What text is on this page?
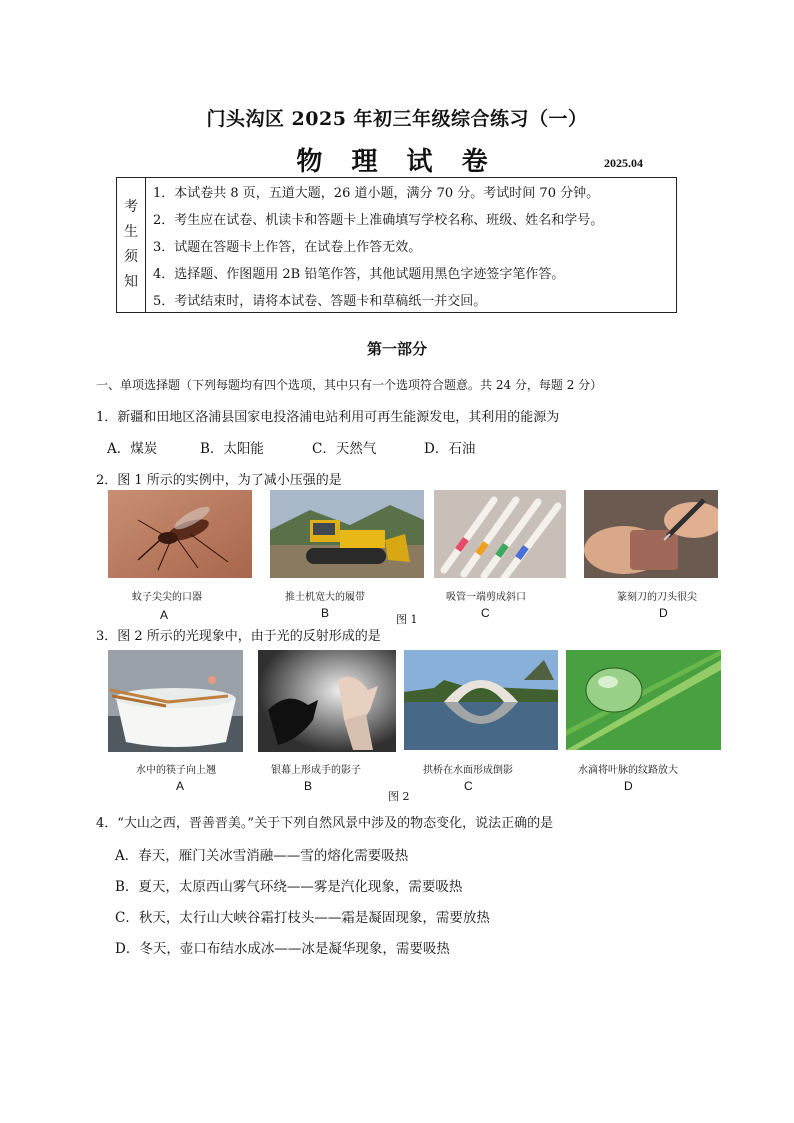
门头沟区 2025 年初三年级综合练习（一）
物 理 试 卷	2025.04
考
生
须
知
1．本试卷共 8 页，五道大题，26 道小题，满分 70 分。考试时间 70 分钟。
2．考生应在试卷、机读卡和答题卡上准确填写学校名称、班级、姓名和学号。
3．试题在答题卡上作答，在试卷上作答无效。
4．选择题、作图题用 2B 铅笔作答，其他试题用黑色字迹签字笔作答。
5．考试结束时，请将本试卷、答题卡和草稿纸一并交回。
第一部分
一、单项选择题（下列每题均有四个选项，其中只有一个选项符合题意。共 24 分，每题 2 分）
1．新疆和田地区洛浦县国家电投洛浦电站利用可再生能源发电，其利用的能源为
A．煤炭	B．太阳能	C．天然气	D．石油
2．图 1 所示的实例中，为了减小压强的是
蚊子尖尖的口器	推土机宽大的履带	吸管一端剪成斜口	篆刻刀的刀头很尖
A	B	图 1	C	D
3．图 2 所示的光现象中，由于光的反射形成的是
水中的筷子向上翘	银幕上形成手的影子	拱桥在水面形成倒影	水滴将叶脉的纹路放大
A	B
图 2
C	D
4．“大山之西，晋善晋美。”关于下列自然风景中涉及的物态变化，说法正确的是
A．春天，雁门关冰雪消融——雪的熔化需要吸热
B．夏天，太原西山雾气环绕——雾是汽化现象，需要吸热
C．秋天，太行山大峡谷霜打枝头——霜是凝固现象，需要放热
D．冬天，壶口布结水成冰——冰是凝华现象，需要吸热
